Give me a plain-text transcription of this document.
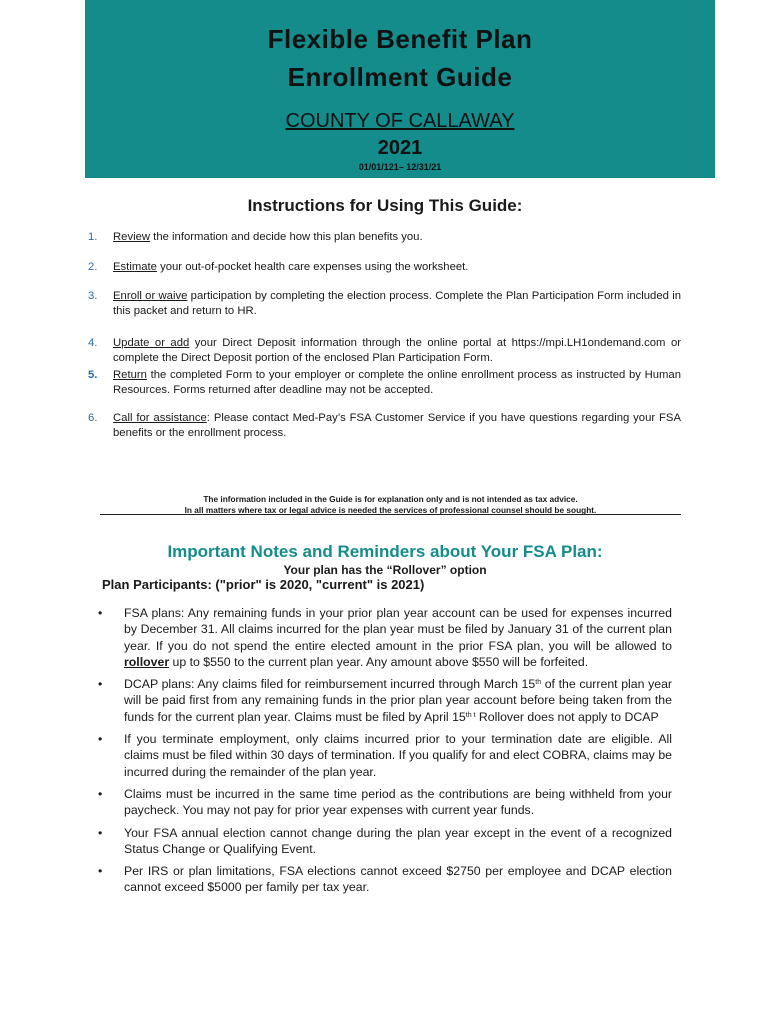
Flexible Benefit Plan
Enrollment Guide
COUNTY OF CALLAWAY
2021
01/01/121– 12/31/21
Instructions for Using This Guide:
1. Review the information and decide how this plan benefits you.
2. Estimate your out-of-pocket health care expenses using the worksheet.
3. Enroll or waive participation by completing the election process. Complete the Plan Participation Form included in this packet and return to HR.
4. Update or add your Direct Deposit information through the online portal at https://mpi.LH1ondemand.com or complete the Direct Deposit portion of the enclosed Plan Participation Form.
5. Return the completed Form to your employer or complete the online enrollment process as instructed by Human Resources. Forms returned after deadline may not be accepted.
6. Call for assistance: Please contact Med-Pay’s FSA Customer Service if you have questions regarding your FSA benefits or the enrollment process.
The information included in the Guide is for explanation only and is not intended as tax advice.
In all matters where tax or legal advice is needed the services of professional counsel should be sought.
Important Notes and Reminders about Your FSA Plan:
Your plan has the “Rollover” option
Plan Participants: ("prior" is 2020, "current" is 2021)
• FSA plans: Any remaining funds in your prior plan year account can be used for expenses incurred by December 31. All claims incurred for the plan year must be filed by January 31 of the current plan year. If you do not spend the entire elected amount in the prior FSA plan, you will be allowed to rollover up to $550 to the current plan year. Any amount above $550 will be forfeited.
• DCAP plans: Any claims filed for reimbursement incurred through March 15th of the current plan year will be paid first from any remaining funds in the prior plan year account before being taken from the funds for the current plan year. Claims must be filed by April $15^{th t}$ Rollover does not apply to DCAP
• If you terminate employment, only claims incurred prior to your termination date are eligible. All claims must be filed within 30 days of termination. If you qualify for and elect COBRA, claims may be incurred during the remainder of the plan year.
• Claims must be incurred in the same time period as the contributions are being withheld from your paycheck. You may not pay for prior year expenses with current year funds.
• Your FSA annual election cannot change during the plan year except in the event of a recognized Status Change or Qualifying Event.
• Per IRS or plan limitations, FSA elections cannot exceed $2750 per employee and DCAP election cannot exceed $5000 per family per tax year.
